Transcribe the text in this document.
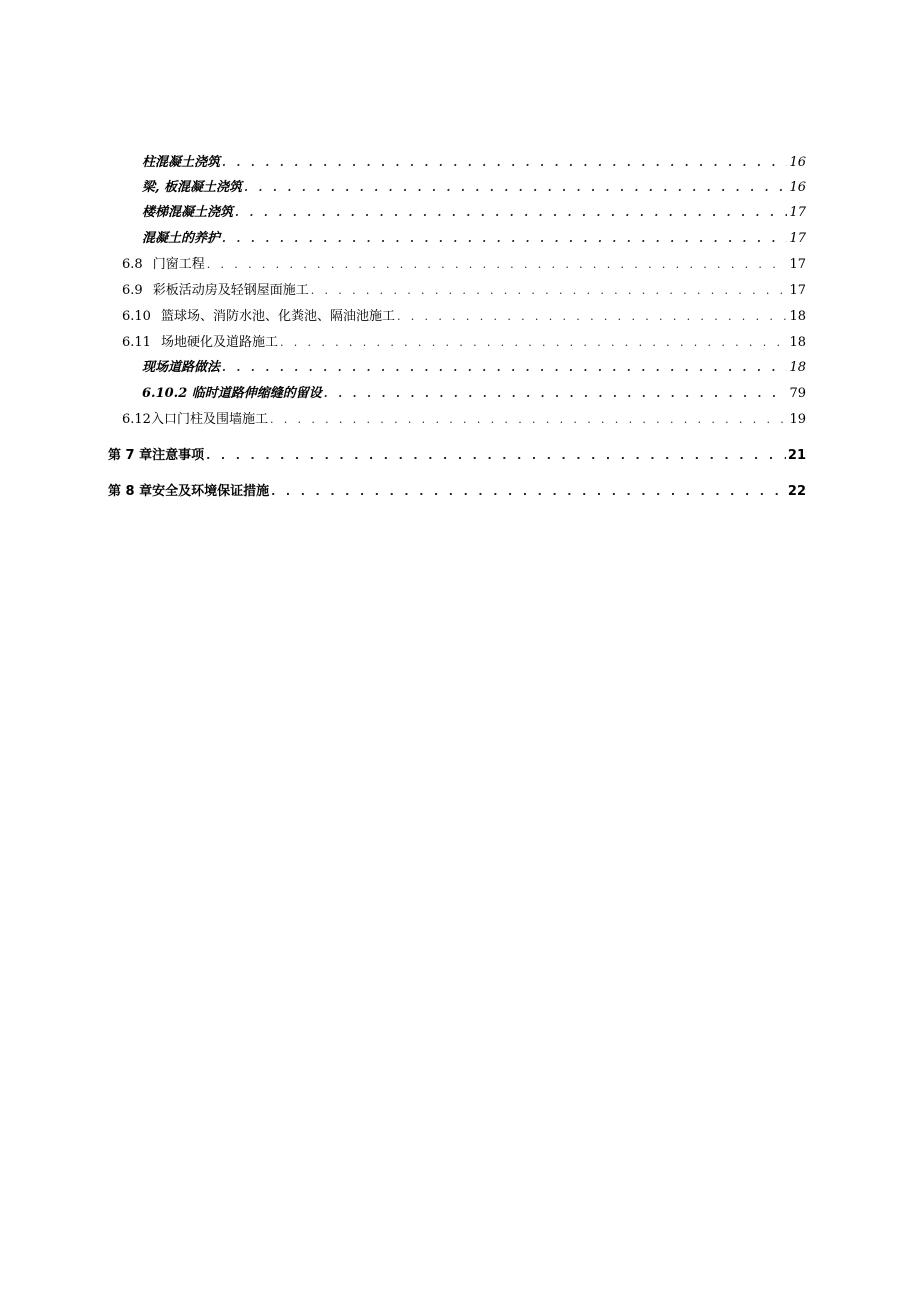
柱混凝土浇筑 . . .	16
梁, 板混凝土浇筑 . . .	16
楼梯混凝土浇筑 . . .	17
混凝土的养护 . . .	17
6.8 门窗工程 . . .	17
6.9 彩板活动房及轻钢屋面施工 . . .	17
6.10 篮球场、消防水池、化粪池、隔油池施工 . . .	18
6.11 场地硬化及道路施工 . . .	18
现场道路做法 . . .	18
6.10.2 临时道路伸缩缝的留设 . . .	79
6.12入口门柱及围墙施工 . . .	19
第 7 章注意事项 . . .	21
第 8 章安全及环境保证措施 . . .	22
